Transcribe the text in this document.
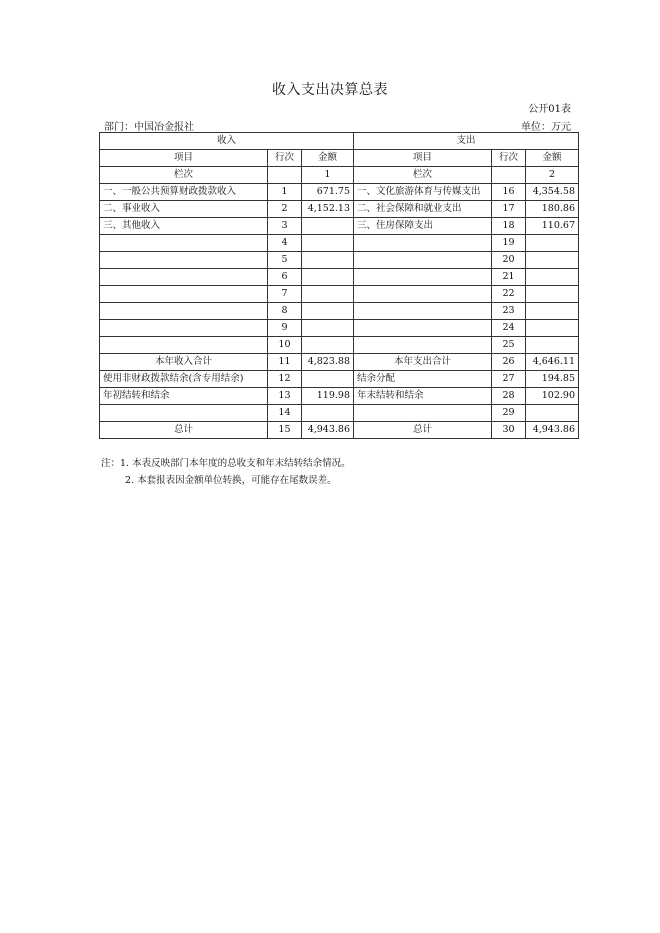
收入支出决算总表
公开01表
部门：中国冶金报社	单位：万元
收入			支出		
项目	行次	金额	项目	行次	金额
栏次		1	栏次		2
一、一般公共预算财政拨款收入	1	671.75	一、文化旅游体育与传媒支出	16	4,354.58
二、事业收入	2	4,152.13	二、社会保障和就业支出	17	180.86
三、其他收入	3		三、住房保障支出	18	110.67
	4			19	
	5			20	
	6			21	
	7			22	
	8			23	
	9			24	
	10			25	
本年收入合计	11	4,823.88	本年支出合计	26	4,646.11
使用非财政拨款结余(含专用结余)	12		结余分配	27	194.85
年初结转和结余	13	119.98	年末结转和结余	28	102.90
	14			29	
总计	15	4,943.86	总计	30	4,943.86
注：1. 本表反映部门本年度的总收支和年末结转结余情况。
2. 本套报表因金额单位转换，可能存在尾数误差。
